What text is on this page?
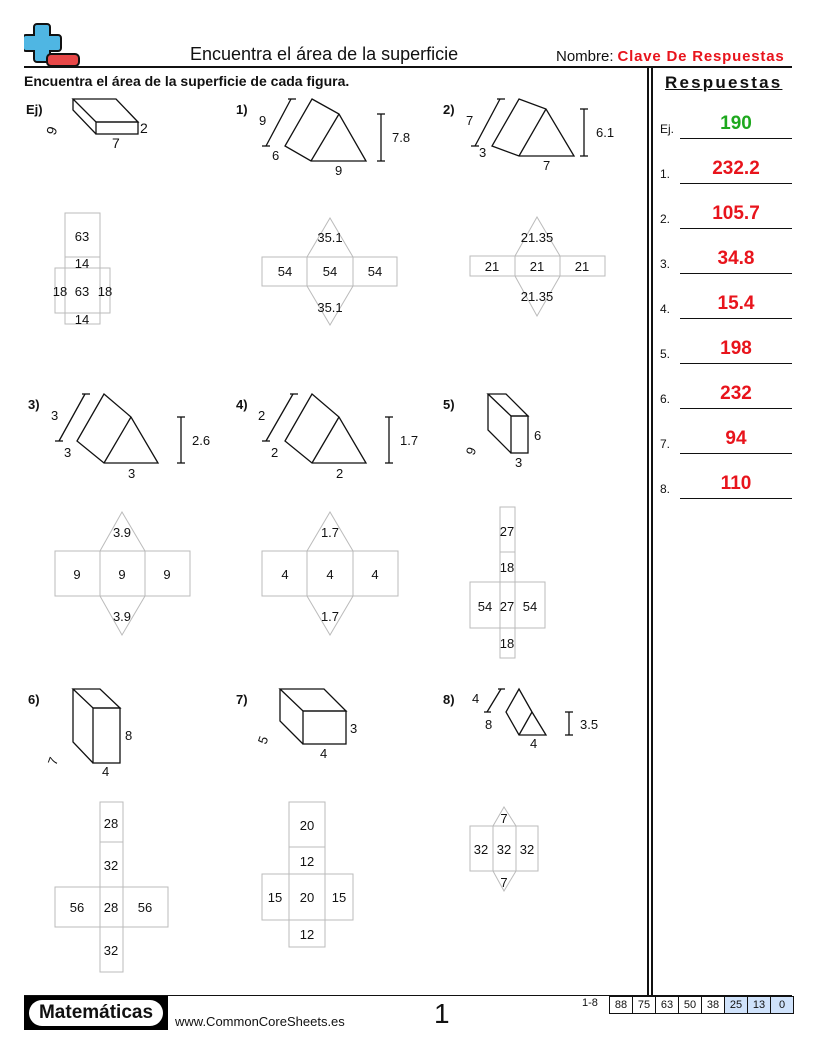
Encuentra el área de la superficie	Nombre: Clave De Respuestas
Encuentra el área de la superficie de cada figura.
Ej)	1)	2)
3)	4)	5)
6)	7)	8)
2
7
9
63
14
18 63 18
14
9
6
9
7.8
35.1
54 54 54
35.1
7
3
7
6.1
21.35
21 21 21
21.35
3
3
3
2.6
3.9
9	9	9
3.9
2
2
2
1.7
1.7
4	4	4
1.7
6
3
9
27
18
54 27 54
18
8
4
7
28
32
56 28 56
32
3
4
5
20
12
15 20 15
12
4
8
4
3.5
7
32 32 32
7
Respuestas
Ej.	190
1.	232.2
2.	105.7
3.	34.8
4.	15.4
5.	198
6.	232
7.	94
8.	110
Matemáticas	www.CommonCoreSheets.es	1	1-8	88 75 63 50 38 25 13	0
